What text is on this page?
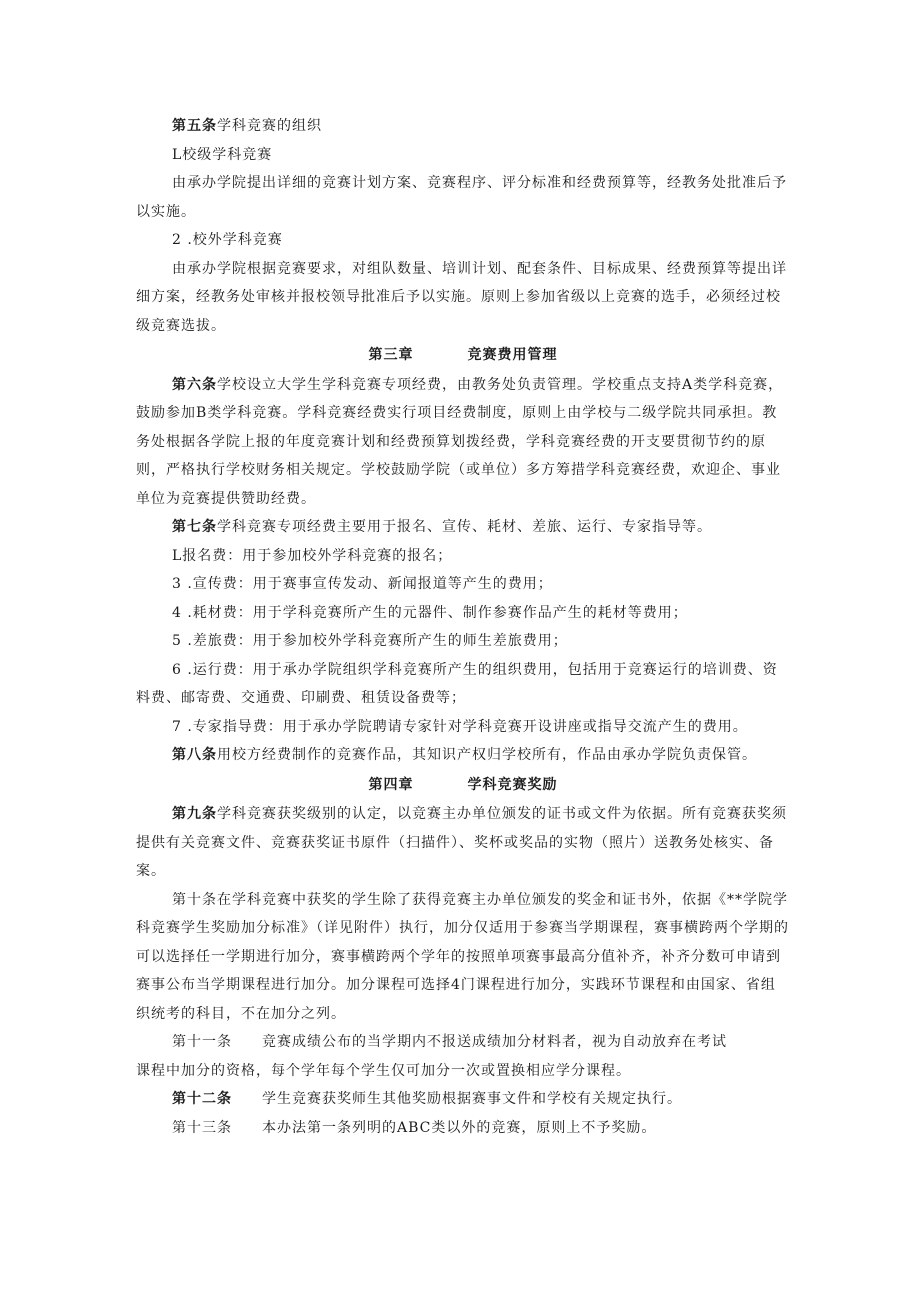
第五条学科竞赛的组织

L校级学科竞赛

由承办学院提出详细的竞赛计划方案、竞赛程序、评分标准和经费预算等，经教务处批准后予以实施。

2 .校外学科竞赛

由承办学院根据竞赛要求，对组队数量、培训计划、配套条件、目标成果、经费预算等提出详细方案，经教务处审核并报校领导批准后予以实施。原则上参加省级以上竞赛的选手，必须经过校级竞赛选拔。

第三章	竞赛费用管理

第六条学校设立大学生学科竞赛专项经费，由教务处负责管理。学校重点支持A类学科竞赛，鼓励参加B类学科竞赛。学科竞赛经费实行项目经费制度，原则上由学校与二级学院共同承担。教务处根据各学院上报的年度竞赛计划和经费预算划拨经费，学科竞赛经费的开支要贯彻节约的原则，严格执行学校财务相关规定。学校鼓励学院（或单位）多方筹措学科竞赛经费，欢迎企、事业单位为竞赛提供赞助经费。

第七条学科竞赛专项经费主要用于报名、宣传、耗材、差旅、运行、专家指导等。

L报名费：用于参加校外学科竞赛的报名；

3 .宣传费：用于赛事宣传发动、新闻报道等产生的费用；

4 .耗材费：用于学科竞赛所产生的元器件、制作参赛作品产生的耗材等费用；

5 .差旅费：用于参加校外学科竞赛所产生的师生差旅费用；

6 .运行费：用于承办学院组织学科竞赛所产生的组织费用，包括用于竞赛运行的培训费、资料费、邮寄费、交通费、印刷费、租赁设备费等；

7 .专家指导费：用于承办学院聘请专家针对学科竞赛开设讲座或指导交流产生的费用。

第八条用校方经费制作的竞赛作品，其知识产权归学校所有，作品由承办学院负责保管。

第四章	学科竞赛奖励

第九条学科竞赛获奖级别的认定，以竞赛主办单位颁发的证书或文件为依据。所有竞赛获奖须提供有关竞赛文件、竞赛获奖证书原件（扫描件）、奖杯或奖品的实物（照片）送教务处核实、备案。

第十条在学科竞赛中获奖的学生除了获得竞赛主办单位颁发的奖金和证书外，依据《**学院学科竞赛学生奖励加分标准》（详见附件）执行，加分仅适用于参赛当学期课程，赛事横跨两个学期的可以选择任一学期进行加分，赛事横跨两个学年的按照单项赛事最高分值补齐，补齐分数可申请到赛事公布当学期课程进行加分。加分课程可选择4门课程进行加分，实践环节课程和由国家、省组织统考的科目，不在加分之列。

第十一条 竞赛成绩公布的当学期内不报送成绩加分材料者，视为自动放弃在考试

课程中加分的资格，每个学年每个学生仅可加分一次或置换相应学分课程。

第十二条 学生竞赛获奖师生其他奖励根据赛事文件和学校有关规定执行。

第十三条 本办法第一条列明的ABC类以外的竞赛，原则上不予奖励。
